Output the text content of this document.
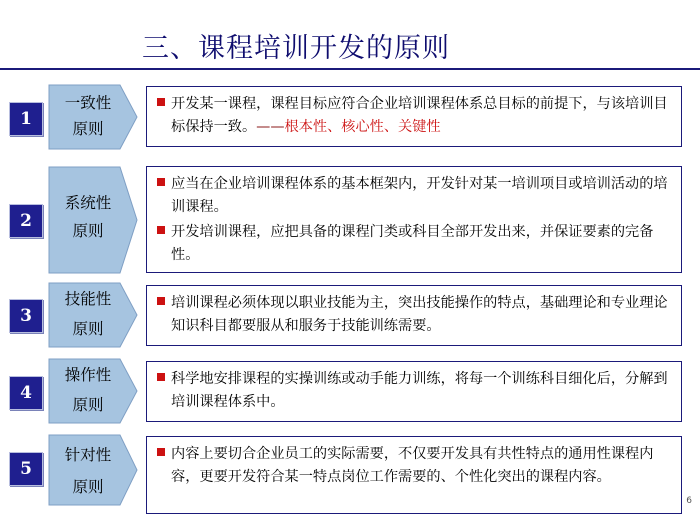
三、课程培训开发的原则
1
一致性
原则
开发某一课程，课程目标应符合企业培训课程体系总目标的前提下，与该培训目标保持一致。——根本性、核心性、关键性
2
系统性
原则
应当在企业培训课程体系的基本框架内，开发针对某一培训项目或培训活动的培训课程。
开发培训课程，应把具备的课程门类或科目全部开发出来，并保证要素的完备性。
3
技能性
原则
培训课程必须体现以职业技能为主，突出技能操作的特点，基础理论和专业理论知识科目都要服从和服务于技能训练需要。
4
操作性
原则
科学地安排课程的实操训练或动手能力训练，将每一个训练科目细化后，分解到培训课程体系中。
5
针对性
原则
内容上要切合企业员工的实际需要，不仅要开发具有共性特点的通用性课程内容，更要开发符合某一特点岗位工作需要的、个性化突出的课程内容。
6
